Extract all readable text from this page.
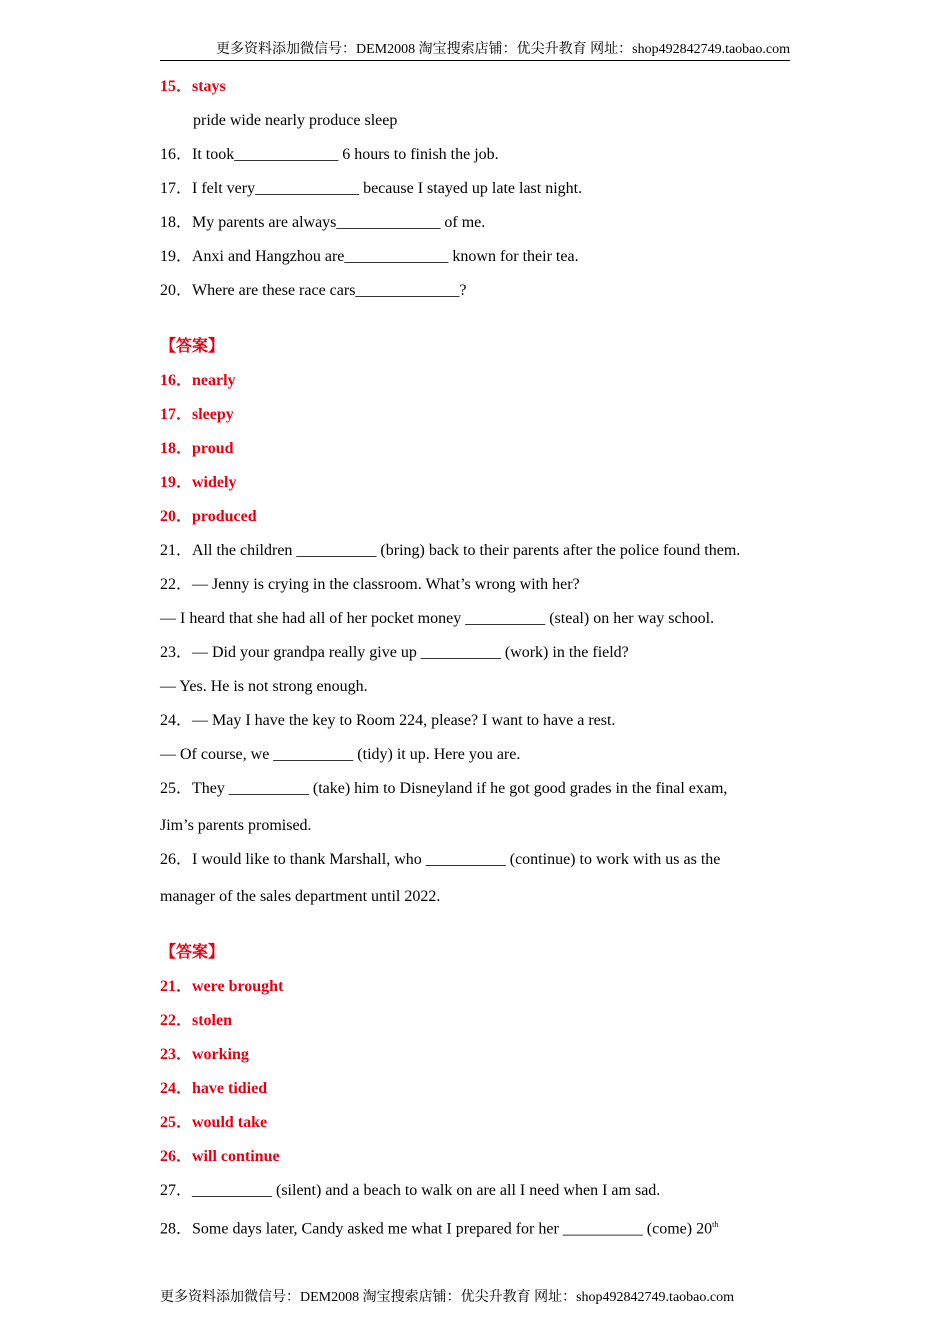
更多资料添加微信号：DEM2008 淘宝搜索店铺：优尖升教育 网址：shop492842749.taobao.com
15．stays
pride wide nearly produce sleep
16．It took_____________ 6 hours to finish the job.
17．I felt very_____________ because I stayed up late last night.
18．My parents are always_____________ of me.
19．Anxi and Hangzhou are_____________ known for their tea.
20．Where are these race cars_____________?
【答案】
16．nearly
17．sleepy
18．proud
19．widely
20．produced
21．All the children __________ (bring) back to their parents after the police found them.
22．— Jenny is crying in the classroom. What’s wrong with her?
— I heard that she had all of her pocket money __________ (steal) on her way school.
23．— Did your grandpa really give up __________ (work) in the field?
— Yes. He is not strong enough.
24．— May I have the key to Room 224, please? I want to have a rest.
— Of course, we __________ (tidy) it up. Here you are.
25．They __________ (take) him to Disneyland if he got good grades in the final exam,
Jim’s parents promised.
26．I would like to thank Marshall, who __________ (continue) to work with us as the
manager of the sales department until 2022.
【答案】
21．were brought
22．stolen
23．working
24．have tidied
25．would take
26．will continue
27．__________ (silent) and a beach to walk on are all I need when I am sad.
28．Some days later, Candy asked me what I prepared for her __________ (come) 20th
更多资料添加微信号：DEM2008 淘宝搜索店铺：优尖升教育 网址：shop492842749.taobao.com
